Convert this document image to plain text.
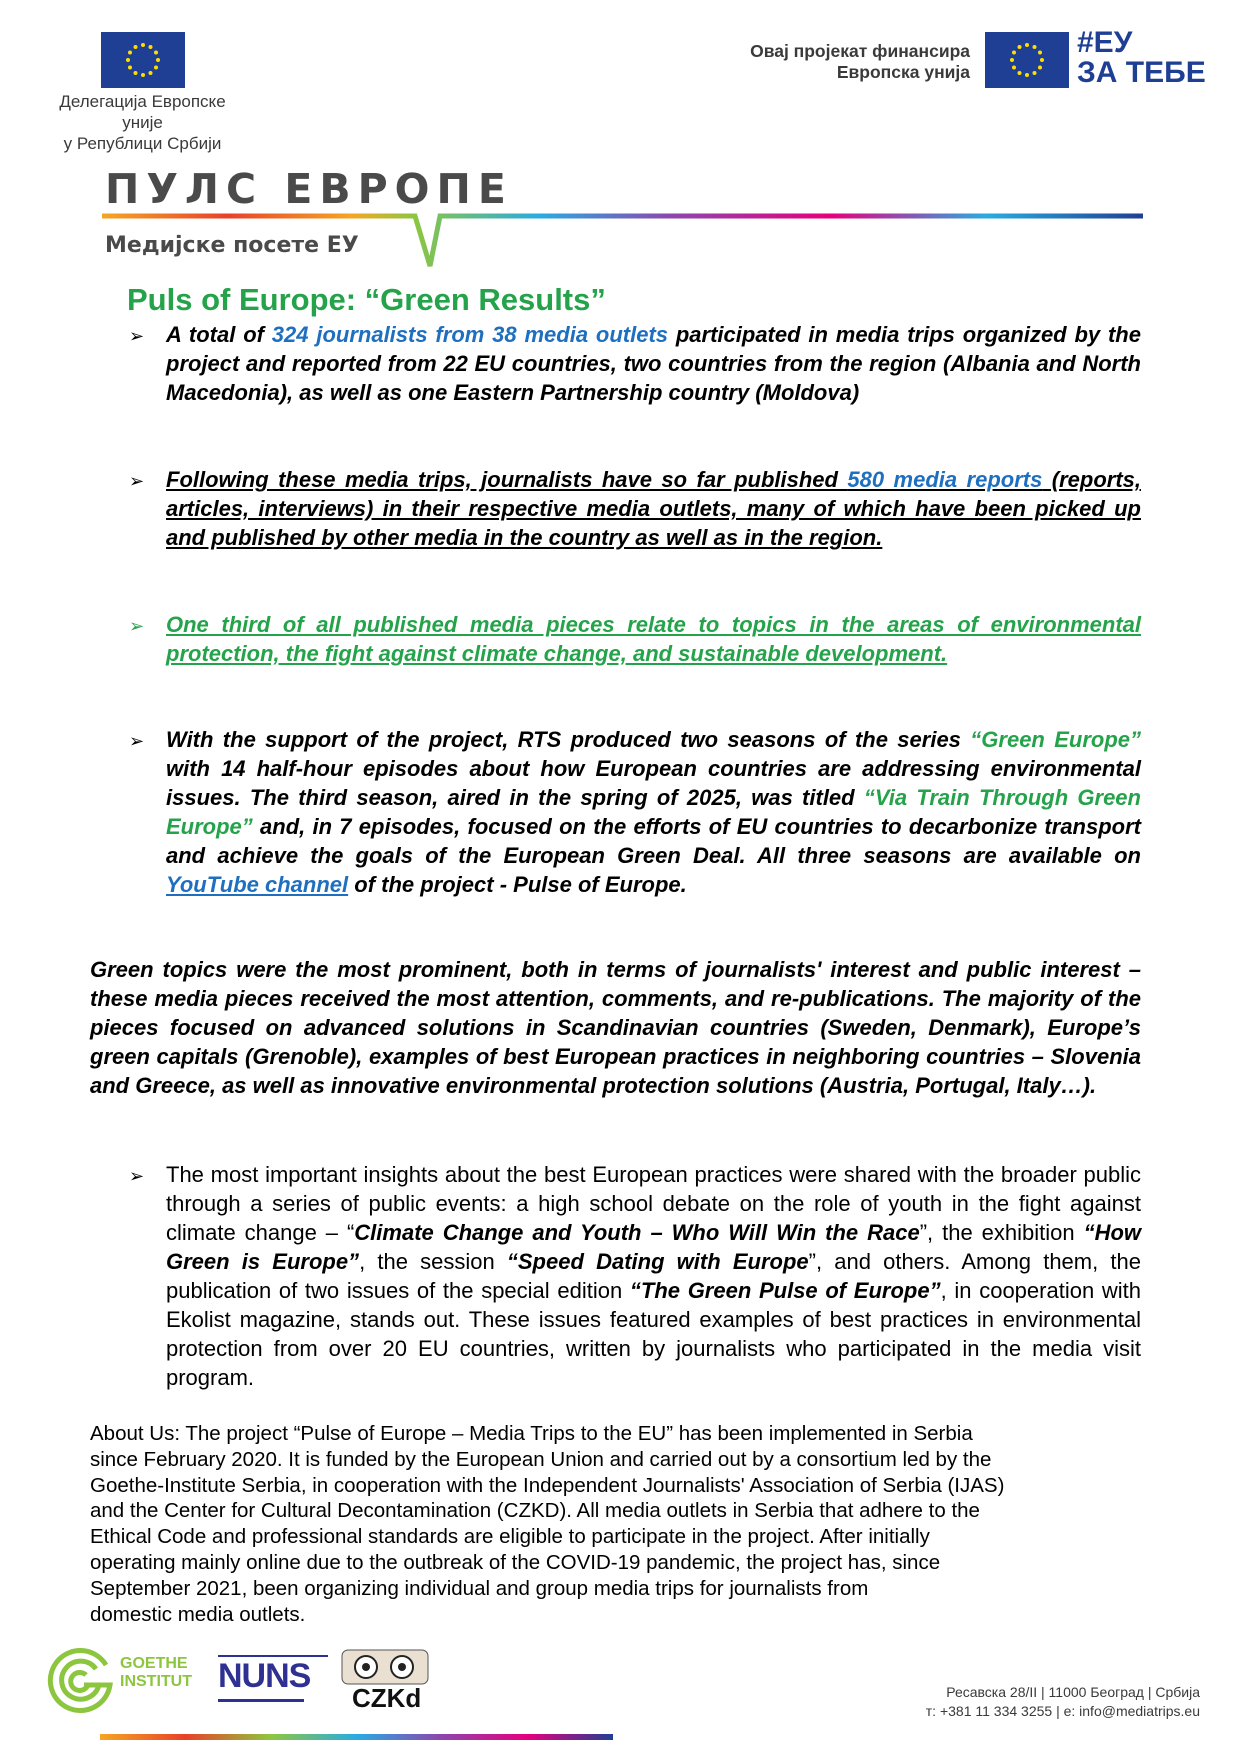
Делегација Европске уније
у Републици Србији
Овај пројекат финансира
Европска унија
#ЕУ
ЗА ТЕБЕ
ПУЛС ЕВРОПЕ
Медијске посете ЕУ
Puls of Europe: “Green Results”
➢ A total of 324 journalists from 38 media outlets participated in media trips organized by the project and reported from 22 EU countries, two countries from the region (Albania and North Macedonia), as well as one Eastern Partnership country (Moldova)
➢ Following these media trips, journalists have so far published 580 media reports (reports, articles, interviews) in their respective media outlets, many of which have been picked up and published by other media in the country as well as in the region.
➢ One third of all published media pieces relate to topics in the areas of environmental protection, the fight against climate change, and sustainable development.
➢ With the support of the project, RTS produced two seasons of the series “Green Europe” with 14 half-hour episodes about how European countries are addressing environmental issues. The third season, aired in the spring of 2025, was titled “Via Train Through Green Europe” and, in 7 episodes, focused on the efforts of EU countries to decarbonize transport and achieve the goals of the European Green Deal. All three seasons are available on YouTube channel of the project - Pulse of Europe.
Green topics were the most prominent, both in terms of journalists' interest and public interest – these media pieces received the most attention, comments, and re-publications. The majority of the pieces focused on advanced solutions in Scandinavian countries (Sweden, Denmark), Europe’s green capitals (Grenoble), examples of best European practices in neighboring countries – Slovenia and Greece, as well as innovative environmental protection solutions (Austria, Portugal, Italy…).
➢ The most important insights about the best European practices were shared with the broader public through a series of public events: a high school debate on the role of youth in the fight against climate change – “Climate Change and Youth – Who Will Win the Race”, the exhibition “How Green is Europe”, the session “Speed Dating with Europe”, and others. Among them, the publication of two issues of the special edition “The Green Pulse of Europe”, in cooperation with Ekolist magazine, stands out. These issues featured examples of best practices in environmental protection from over 20 EU countries, written by journalists who participated in the media visit program.
About Us: The project “Pulse of Europe – Media Trips to the EU” has been implemented in Serbia
since February 2020. It is funded by the European Union and carried out by a consortium led by the
Goethe-Institute Serbia, in cooperation with the Independent Journalists' Association of Serbia (IJAS)
and the Center for Cultural Decontamination (CZKD). All media outlets in Serbia that adhere to the
Ethical Code and professional standards are eligible to participate in the project. After initially
operating mainly online due to the outbreak of the COVID-19 pandemic, the project has, since
September 2021, been organizing individual and group media trips for journalists from
domestic media outlets.
GOETHE
INSTITUT NUNS
CZKd	Ресавска 28/II | 11000 Београд | Србија
т: +381 11 334 3255 | e: info@mediatrips.eu
